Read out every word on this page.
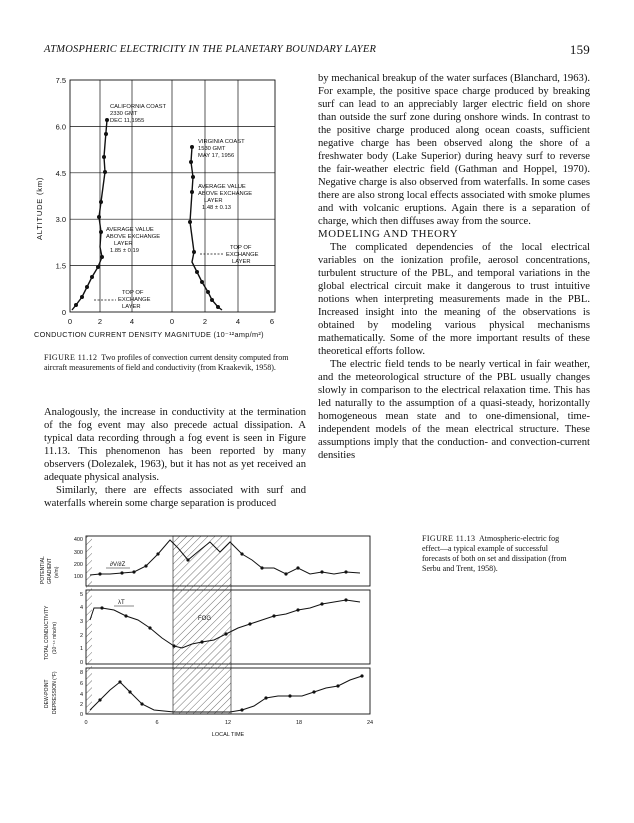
ATMOSPHERIC ELECTRICITY IN THE PLANETARY BOUNDARY LAYER	159
7.5
6.0
4.5
3.0
1.5
0
ALTITUDE (km)
0	2	4	0	2	4	6
CONDUCTION CURRENT DENSITY MAGNITUDE (10⁻¹²amp/m²)
CALIFORNIA COAST
2330 GMT
DEC 11,1955
VIRGINIA COAST
1530 GMT
MAY 17, 1956
AVERAGE VALUE
ABOVE EXCHANGE
LAYER
1.48 ± 0.13
AVERAGE VALUE
ABOVE EXCHANGE
LAYER
1.85 ± 0.19	TOP OF
EXCHANGE
LAYER
TOP OF
EXCHANGE
LAYER
FIGURE 11.12 Two profiles of convection current density computed from aircraft measurements of field and conductivity (from Kraakevik, 1958).

Analogously, the increase in conductivity at the termination of the fog event may also precede actual dissipation. A typical data recording through a fog event is seen in Figure 11.13. This phenomenon has been reported by many observers (Dolezalek, 1963), but it has not as yet received an adequate physical analysis.

Similarly, there are effects associated with surf and waterfalls wherein some charge separation is produced

by mechanical breakup of the water surfaces (Blanchard, 1963). For example, the positive space charge produced by breaking surf can lead to an appreciably larger electric field on shore than outside the surf zone during onshore winds. In contrast to the positive charge produced along ocean coasts, sufficient negative charge has been observed along the shore of a freshwater body (Lake Superior) during heavy surf to reverse the fair-weather electric field (Gathman and Hoppel, 1970). Negative charge is also observed from waterfalls. In some cases there are also strong local effects associated with smoke plumes and with volcanic eruptions. Again there is a separation of charge, which then diffuses away from the source.

MODELING AND THEORY

The complicated dependencies of the local electrical variables on the ionization profile, aerosol concentrations, turbulent structure of the PBL, and temporal variations in the global electrical circuit make it dangerous to trust intuitive notions when interpreting measurements made in the PBL. Increased insight into the meaning of the observations is obtained by modeling various physical mechanisms mathematically. Some of the more important results of these theoretical efforts follow.

The electric field tends to be nearly vertical in fair weather, and the meteorological structure of the PBL usually changes slowly in comparison to the electrical relaxation time. This has led naturally to the assumption of a quasi-steady, horizontally homogeneous mean state and to one-dimensional, time-independent models of the mean electrical structure. These assumptions imply that the conduction- and convection-current densities

FOG
400
300
200
100
POTENTIAL GRADIENT (v/m)
∂V/∂Z
5
4
3
2
1
0
TOTAL CONDUCTIVITY (10⁻¹⁴ mho/m)
λT
8
6
4
2
0
DEW-POINT DEPRESSION (°F)
0	6	12	18	24
LOCAL TIME
FIGURE 11.13 Atmospheric-electric fog effect—a typical example of successful forecasts of both on set and dissipation (from Serbu and Trent, 1958).
